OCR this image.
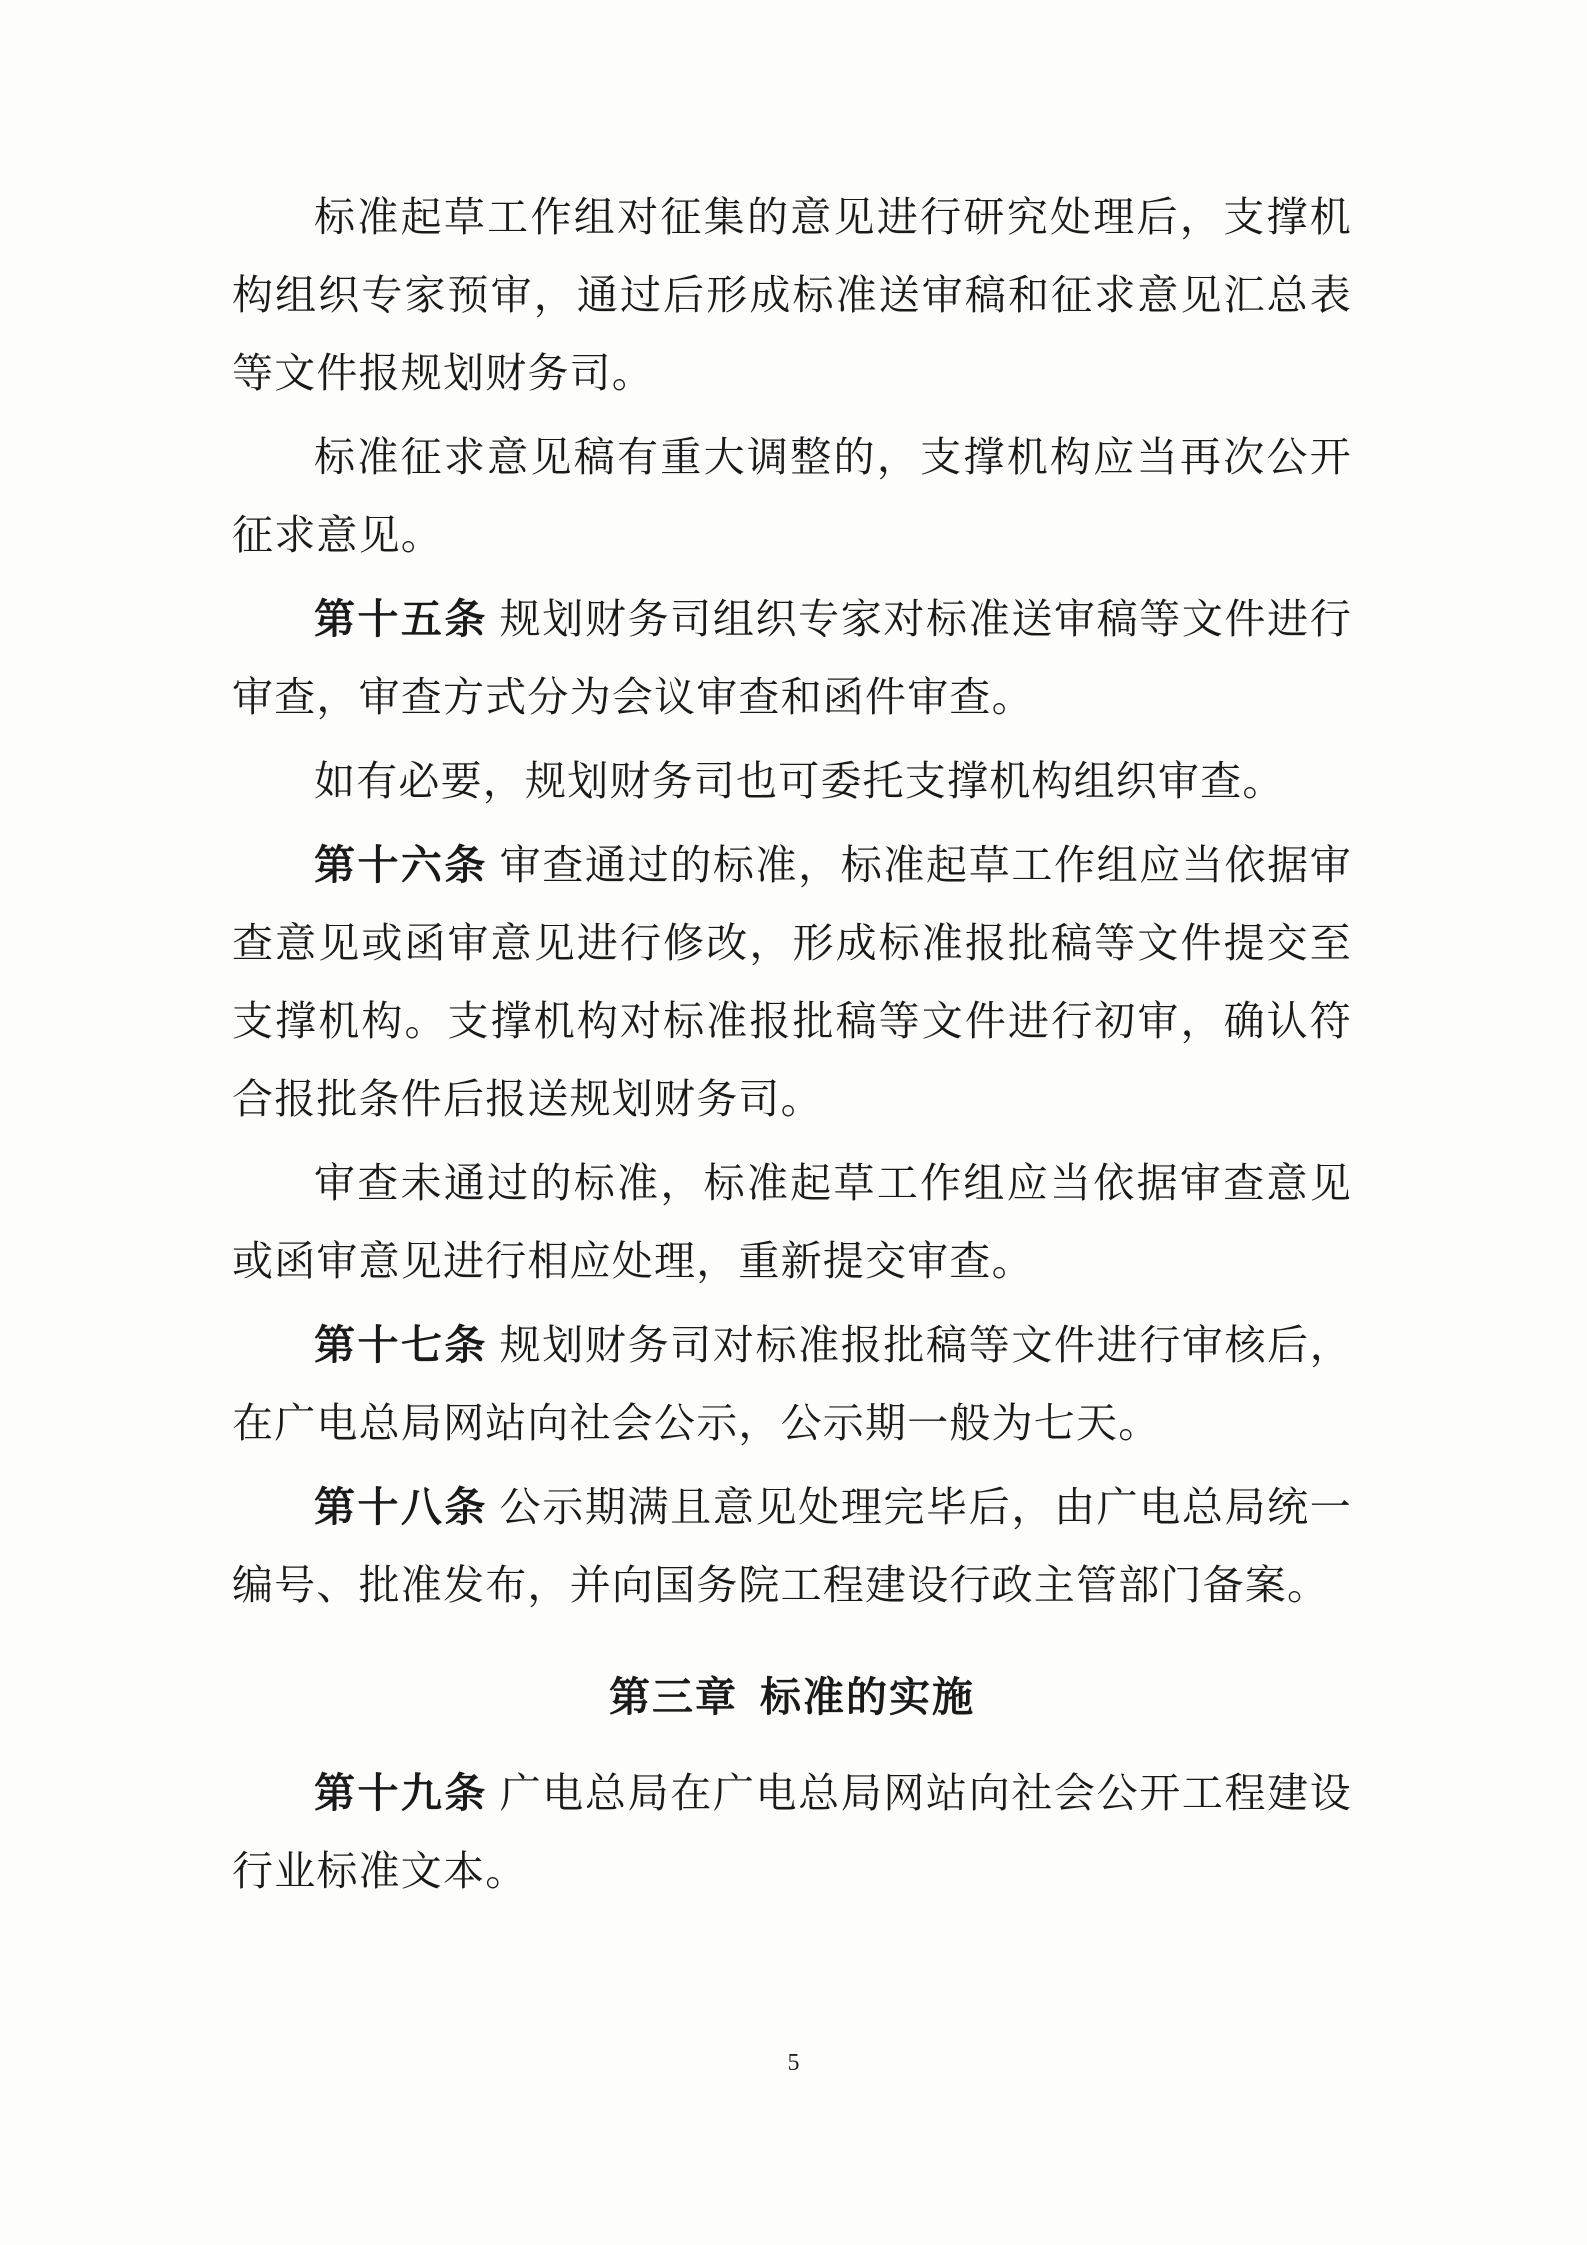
标准起草工作组对征集的意见进行研究处理后，支撑机构组织专家预审，通过后形成标准送审稿和征求意见汇总表等文件报规划财务司。

标准征求意见稿有重大调整的，支撑机构应当再次公开征求意见。

第十五条 规划财务司组织专家对标准送审稿等文件进行审查，审查方式分为会议审查和函件审查。

如有必要，规划财务司也可委托支撑机构组织审查。

第十六条 审查通过的标准，标准起草工作组应当依据审查意见或函审意见进行修改，形成标准报批稿等文件提交至支撑机构。支撑机构对标准报批稿等文件进行初审，确认符合报批条件后报送规划财务司。

审查未通过的标准，标准起草工作组应当依据审查意见或函审意见进行相应处理，重新提交审查。

第十七条 规划财务司对标准报批稿等文件进行审核后，在广电总局网站向社会公示，公示期一般为七天。

第十八条 公示期满且意见处理完毕后，由广电总局统一编号、批准发布，并向国务院工程建设行政主管部门备案。

第三章 标准的实施

第十九条 广电总局在广电总局网站向社会公开工程建设行业标准文本。

5
